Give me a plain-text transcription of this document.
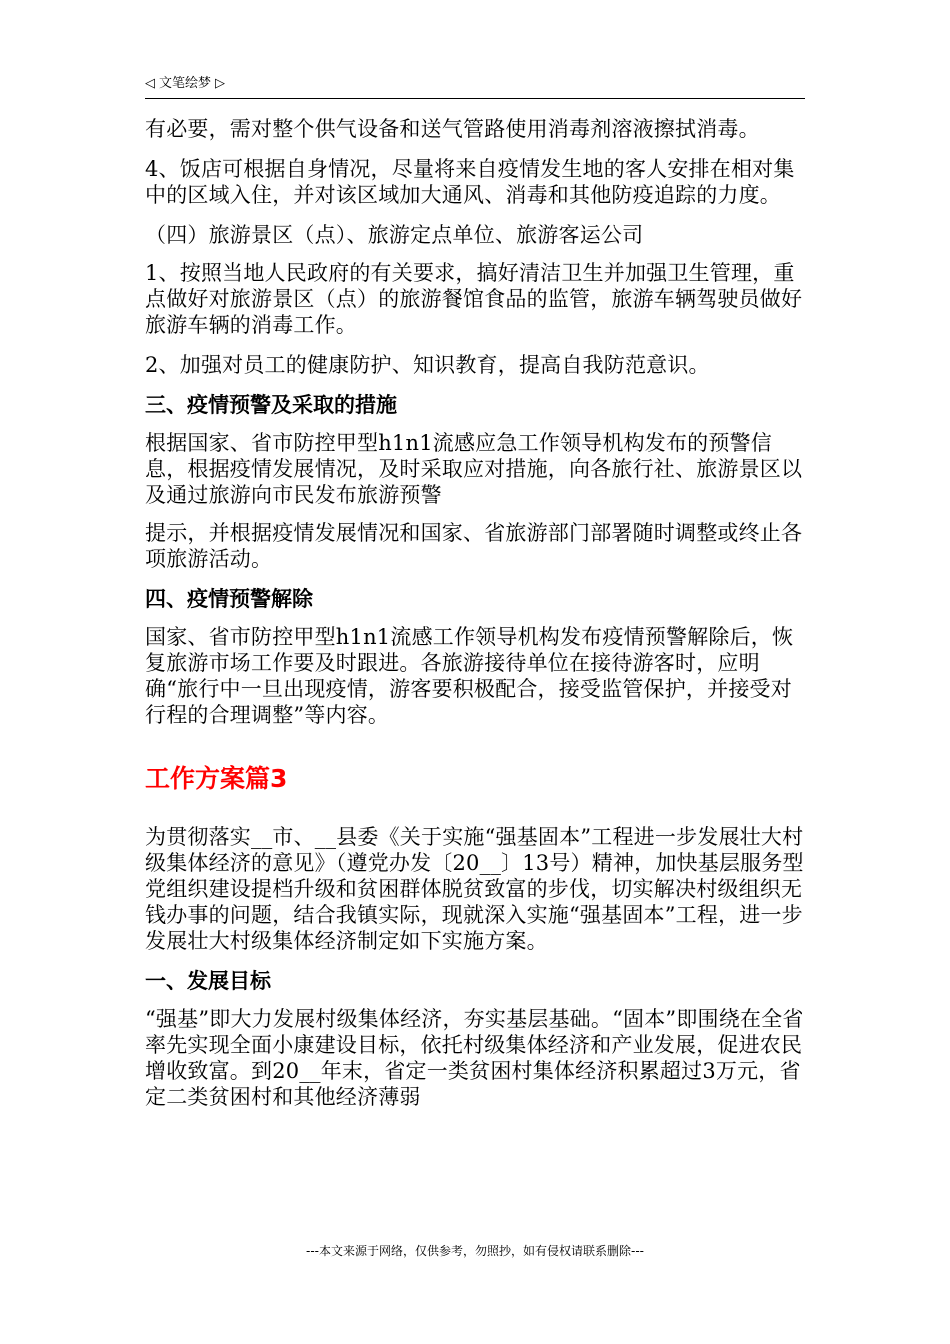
◁ 文笔绘梦 ▷

有必要，需对整个供气设备和送气管路使用消毒剂溶液擦拭消毒。

4、饭店可根据自身情况，尽量将来自疫情发生地的客人安排在相对集中的区域入住，并对该区域加大通风、消毒和其他防疫追踪的力度。

（四）旅游景区（点）、旅游定点单位、旅游客运公司

1、按照当地人民政府的有关要求，搞好清洁卫生并加强卫生管理，重点做好对旅游景区（点）的旅游餐馆食品的监管，旅游车辆驾驶员做好旅游车辆的消毒工作。

2、加强对员工的健康防护、知识教育，提高自我防范意识。

三、疫情预警及采取的措施

根据国家、省市防控甲型h1n1流感应急工作领导机构发布的预警信息，根据疫情发展情况，及时采取应对措施，向各旅行社、旅游景区以及通过旅游向市民发布旅游预警

提示，并根据疫情发展情况和国家、省旅游部门部署随时调整或终止各项旅游活动。

四、疫情预警解除

国家、省市防控甲型h1n1流感工作领导机构发布疫情预警解除后，恢复旅游市场工作要及时跟进。各旅游接待单位在接待游客时，应明确“旅行中一旦出现疫情，游客要积极配合，接受监管保护，并接受对行程的合理调整”等内容。

工作方案篇3

为贯彻落实__市、__县委《关于实施“强基固本”工程进一步发展壮大村级集体经济的意见》（遵党办发〔20__〕13号）精神，加快基层服务型党组织建设提档升级和贫困群体脱贫致富的步伐，切实解决村级组织无钱办事的问题，结合我镇实际，现就深入实施“强基固本”工程，进一步发展壮大村级集体经济制定如下实施方案。

一、发展目标

“强基”即大力发展村级集体经济，夯实基层基础。“固本”即围绕在全省率先实现全面小康建设目标，依托村级集体经济和产业发展，促进农民增收致富。到20__年末，省定一类贫困村集体经济积累超过3万元，省定二类贫困村和其他经济薄弱

---本文来源于网络，仅供参考，勿照抄，如有侵权请联系删除---
